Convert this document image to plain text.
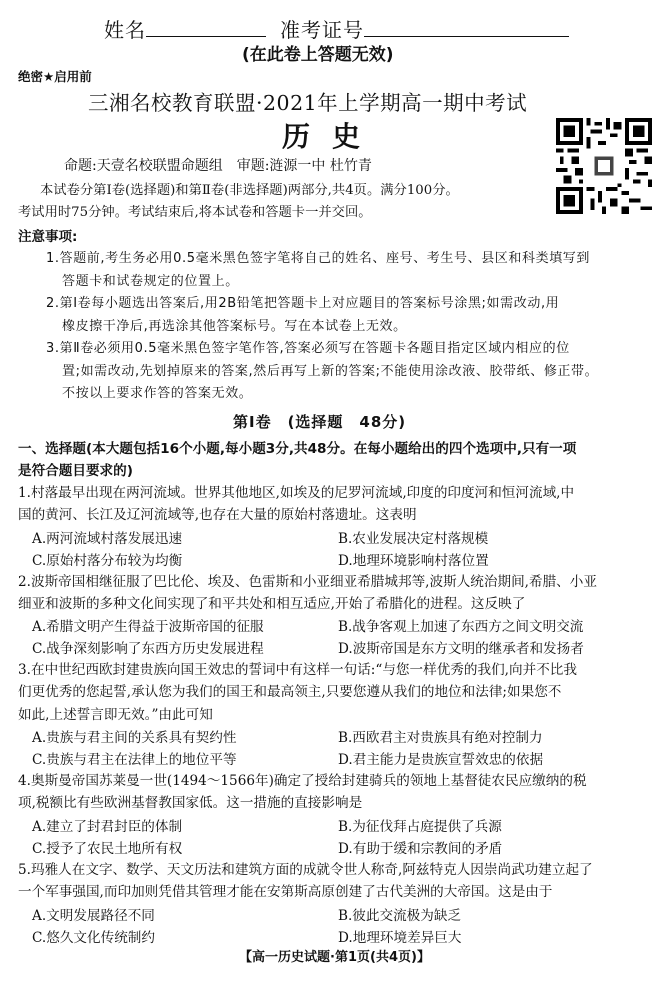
姓名	准考证号
(在此卷上答题无效)
绝密★启用前
三湘名校教育联盟·2021年上学期高一期中考试
历史
命题:天壹名校联盟命题组　审题:涟源一中 杜竹青
本试卷分第Ⅰ卷(选择题)和第Ⅱ卷(非选择题)两部分,共4页。满分100分。
考试用时75分钟。考试结束后,将本试卷和答题卡一并交回。
注意事项:
1.答题前,考生务必用0.5毫米黑色签字笔将自己的姓名、座号、考生号、县区和科类填写到
答题卡和试卷规定的位置上。
2.第Ⅰ卷每小题选出答案后,用2B铅笔把答题卡上对应题目的答案标号涂黑;如需改动,用
橡皮擦干净后,再选涂其他答案标号。写在本试卷上无效。
3.第Ⅱ卷必须用0.5毫米黑色签字笔作答,答案必须写在答题卡各题目指定区域内相应的位
置;如需改动,先划掉原来的答案,然后再写上新的答案;不能使用涂改液、胶带纸、修正带。
不按以上要求作答的答案无效。
第Ⅰ卷　(选择题　48分)
一、选择题(本大题包括16个小题,每小题3分,共48分。在每小题给出的四个选项中,只有一项
是符合题目要求的)
1.村落最早出现在两河流域。世界其他地区,如埃及的尼罗河流域,印度的印度河和恒河流域,中
国的黄河、长江及辽河流域等,也存在大量的原始村落遗址。这表明
A.两河流域村落发展迅速	B.农业发展决定村落规模
C.原始村落分布较为均衡	D.地理环境影响村落位置
2.波斯帝国相继征服了巴比伦、埃及、色雷斯和小亚细亚希腊城邦等,波斯人统治期间,希腊、小亚
细亚和波斯的多种文化间实现了和平共处和相互适应,开始了希腊化的进程。这反映了
A.希腊文明产生得益于波斯帝国的征服	B.战争客观上加速了东西方之间文明交流
C.战争深刻影响了东西方历史发展进程	D.波斯帝国是东方文明的继承者和发扬者
3.在中世纪西欧封建贵族向国王效忠的誓词中有这样一句话:“与您一样优秀的我们,向并不比我
们更优秀的您起誓,承认您为我们的国王和最高领主,只要您遵从我们的地位和法律;如果您不
如此,上述誓言即无效。”由此可知
A.贵族与君主间的关系具有契约性	B.西欧君主对贵族具有绝对控制力
C.贵族与君主在法律上的地位平等	D.君主能力是贵族宣誓效忠的依据
4.奥斯曼帝国苏莱曼一世(1494～1566年)确定了授给封建骑兵的领地上基督徒农民应缴纳的税
项,税额比有些欧洲基督教国家低。这一措施的直接影响是
A.建立了封君封臣的体制	B.为征伐拜占庭提供了兵源
C.授予了农民土地所有权	D.有助于缓和宗教间的矛盾
5.玛雅人在文字、数学、天文历法和建筑方面的成就令世人称奇,阿兹特克人因崇尚武功建立起了
一个军事强国,而印加则凭借其管理才能在安第斯高原创建了古代美洲的大帝国。这是由于
A.文明发展路径不同	B.彼此交流极为缺乏
C.悠久文化传统制约	D.地理环境差异巨大
【高一历史试题·第1页(共4页)】
